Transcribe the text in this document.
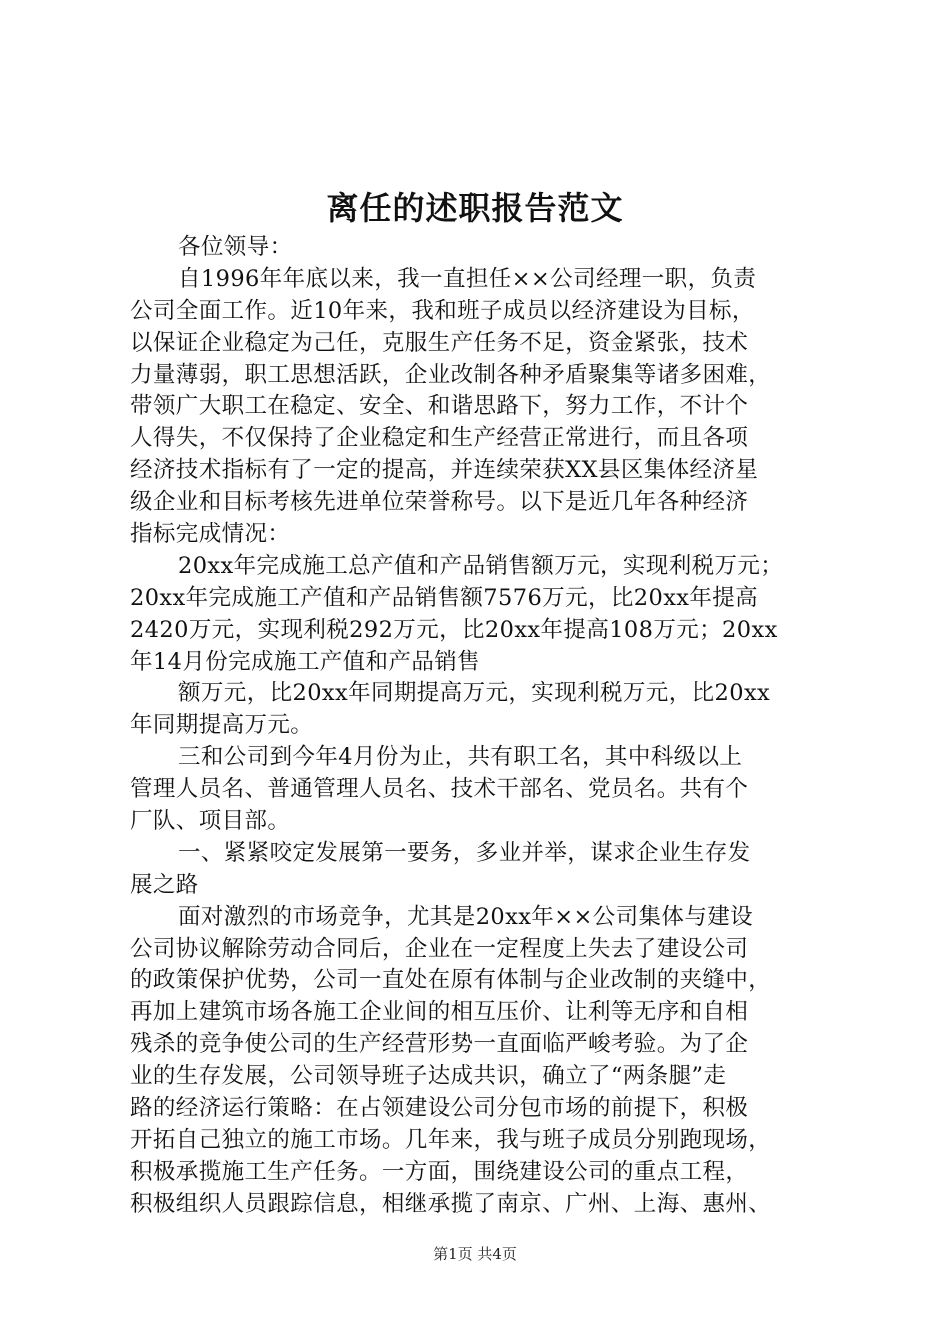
离任的述职报告范文
各位领导：
自1996年年底以来，我一直担任××公司经理一职，负责
公司全面工作。近10年来，我和班子成员以经济建设为目标，
以保证企业稳定为己任，克服生产任务不足，资金紧张，技术
力量薄弱，职工思想活跃，企业改制各种矛盾聚集等诸多困难，
带领广大职工在稳定、安全、和谐思路下，努力工作，不计个
人得失，不仅保持了企业稳定和生产经营正常进行，而且各项
经济技术指标有了一定的提高，并连续荣获XX县区集体经济星
级企业和目标考核先进单位荣誉称号。以下是近几年各种经济
指标完成情况：
20xx年完成施工总产值和产品销售额万元，实现利税万元；
20xx年完成施工产值和产品销售额7576万元，比20xx年提高
2420万元，实现利税292万元，比20xx年提高108万元；20xx
年14月份完成施工产值和产品销售
额万元，比20xx年同期提高万元，实现利税万元，比20xx
年同期提高万元。
三和公司到今年4月份为止，共有职工名，其中科级以上
管理人员名、普通管理人员名、技术干部名、党员名。共有个
厂队、项目部。
一、紧紧咬定发展第一要务，多业并举，谋求企业生存发
展之路
面对激烈的市场竞争，尤其是20xx年××公司集体与建设
公司协议解除劳动合同后，企业在一定程度上失去了建设公司
的政策保护优势，公司一直处在原有体制与企业改制的夹缝中，
再加上建筑市场各施工企业间的相互压价、让利等无序和自相
残杀的竞争使公司的生产经营形势一直面临严峻考验。为了企
业的生存发展，公司领导班子达成共识，确立了“两条腿”走
路的经济运行策略：在占领建设公司分包市场的前提下，积极
开拓自己独立的施工市场。几年来，我与班子成员分别跑现场，
积极承揽施工生产任务。一方面，围绕建设公司的重点工程，
积极组织人员跟踪信息，相继承揽了南京、广州、上海、惠州、
第1页 共4页
